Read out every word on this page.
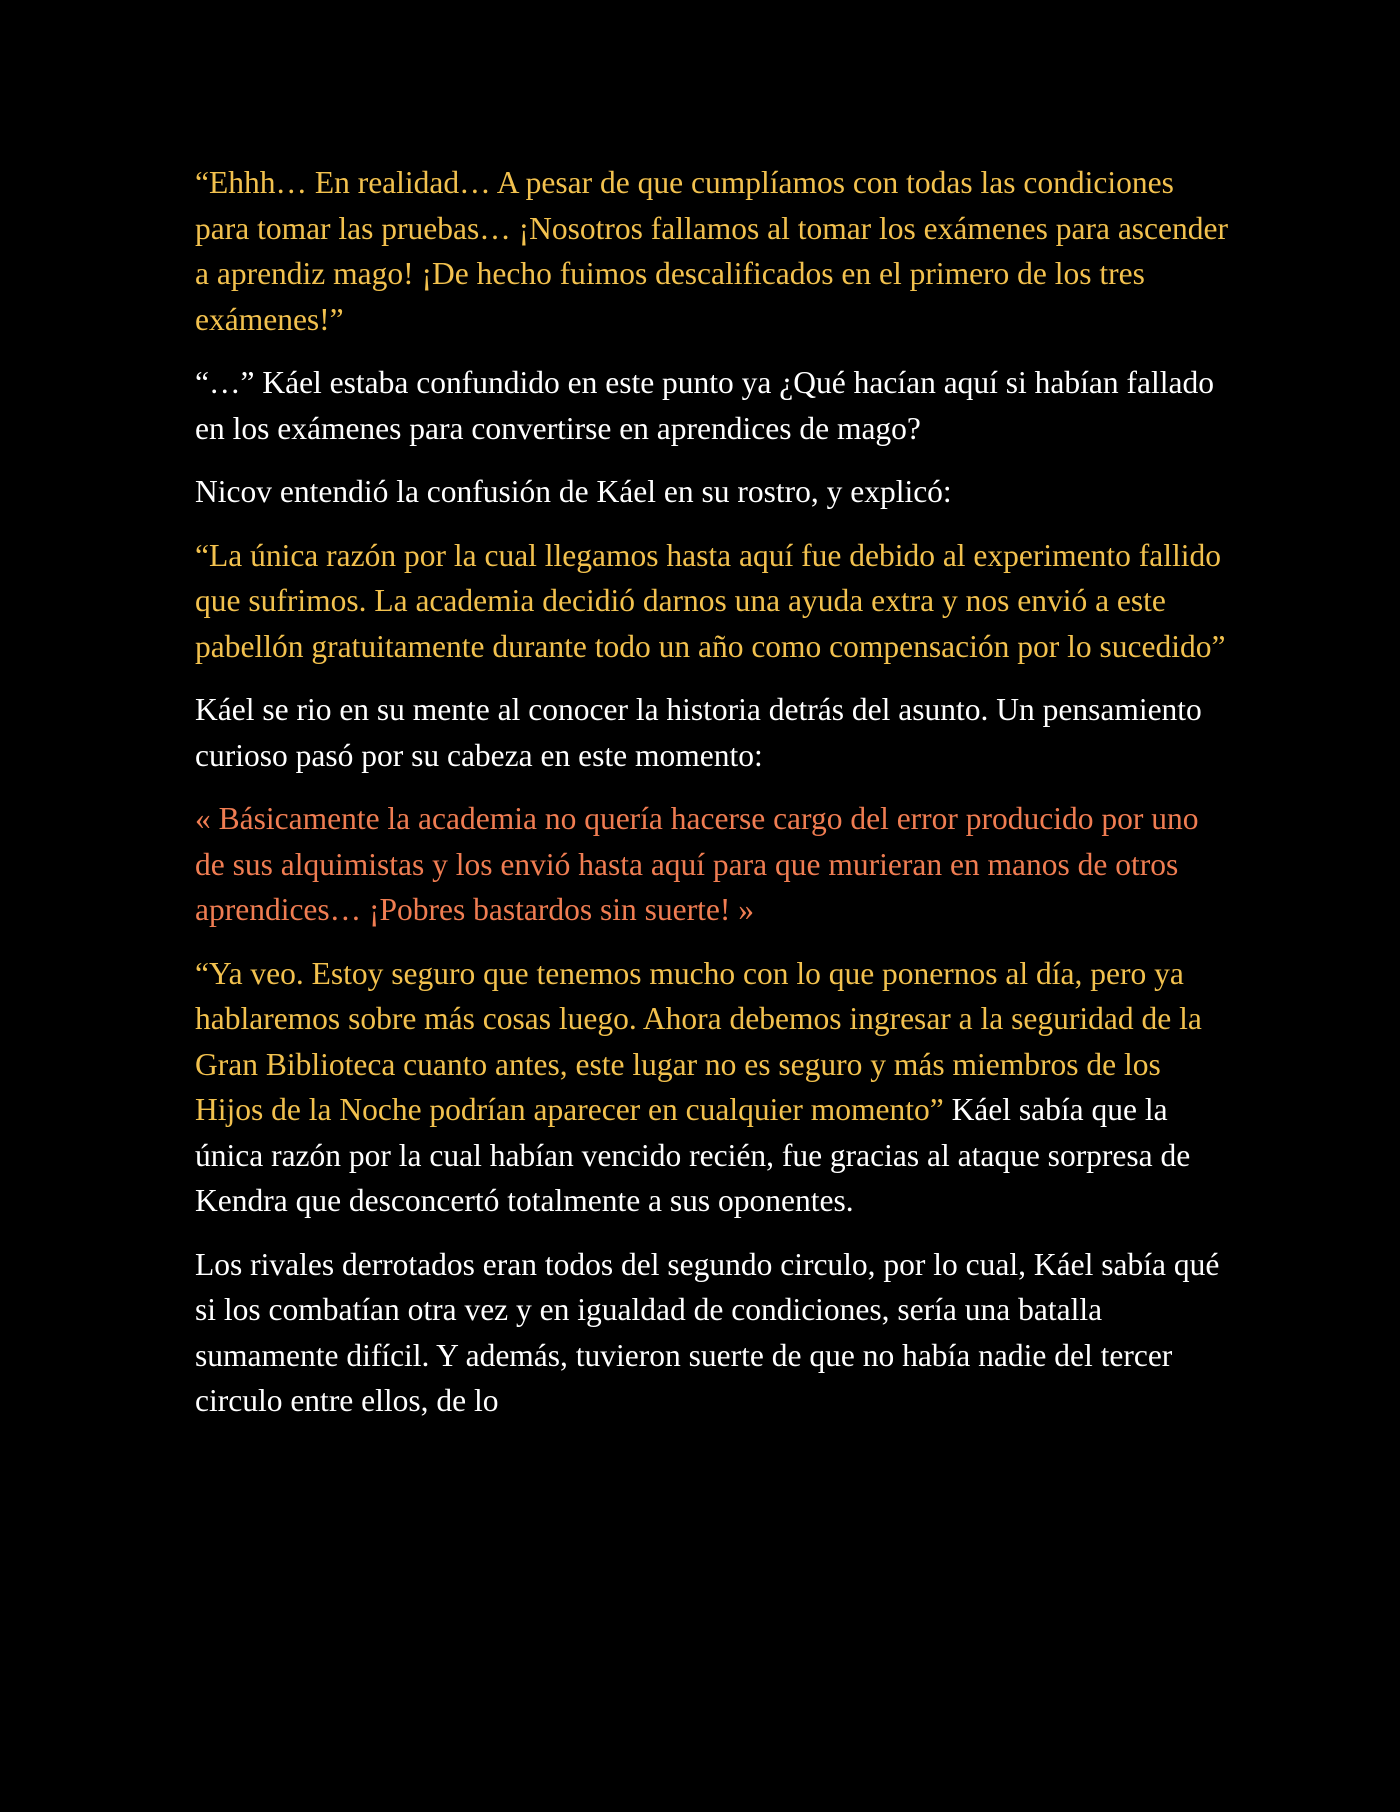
“Ehhh… En realidad… A pesar de que cumplíamos con todas las condiciones para tomar las pruebas… ¡Nosotros fallamos al tomar los exámenes para ascender a aprendiz mago! ¡De hecho fuimos descalificados en el primero de los tres exámenes!”

“…” Káel estaba confundido en este punto ya ¿Qué hacían aquí si habían fallado en los exámenes para convertirse en aprendices de mago?

Nicov entendió la confusión de Káel en su rostro, y explicó:

“La única razón por la cual llegamos hasta aquí fue debido al experimento fallido que sufrimos. La academia decidió darnos una ayuda extra y nos envió a este pabellón gratuitamente durante todo un año como compensación por lo sucedido”

Káel se rio en su mente al conocer la historia detrás del asunto. Un pensamiento curioso pasó por su cabeza en este momento:

« Básicamente la academia no quería hacerse cargo del error producido por uno de sus alquimistas y los envió hasta aquí para que murieran en manos de otros aprendices… ¡Pobres bastardos sin suerte! »

“Ya veo. Estoy seguro que tenemos mucho con lo que ponernos al día, pero ya hablaremos sobre más cosas luego. Ahora debemos ingresar a la seguridad de la Gran Biblioteca cuanto antes, este lugar no es seguro y más miembros de los Hijos de la Noche podrían aparecer en cualquier momento” Káel sabía que la única razón por la cual habían vencido recién, fue gracias al ataque sorpresa de Kendra que desconcertó totalmente a sus oponentes.

Los rivales derrotados eran todos del segundo circulo, por lo cual, Káel sabía qué si los combatían otra vez y en igualdad de condiciones, sería una batalla sumamente difícil. Y además, tuvieron suerte de que no había nadie del tercer circulo entre ellos, de lo
